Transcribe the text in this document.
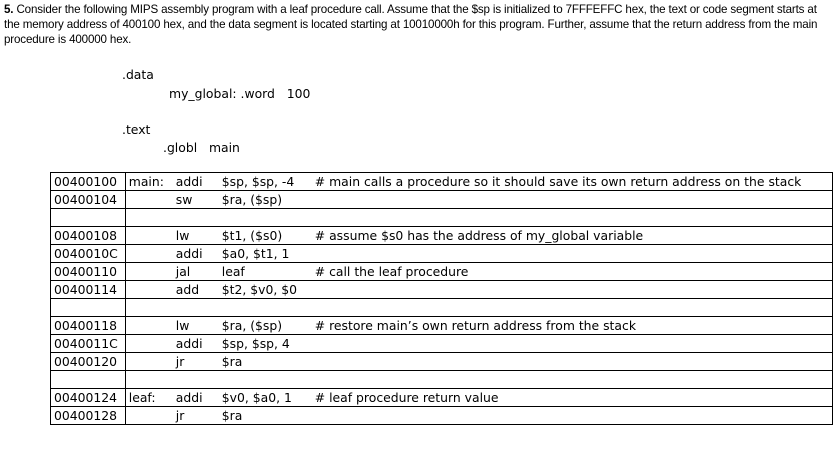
5. Consider the following MIPS assembly program with a leaf procedure call. Assume that the $sp is initialized to 7FFFEFFC hex, the text or code segment starts at the memory address of 400100 hex, and the data segment is located starting at 10010000h for this program. Further, assume that the return address from the main procedure is 400000 hex.
.data
my_global: .word   100
.text
.globl   main
00400100	main: addi $sp, $sp, -4 # main calls a procedure so it should save its own return address on the stack
00400104	sw $ra, ($sp)

00400108	lw $t1, ($s0) # assume $s0 has the address of my_global variable
0040010C	addi $a0, $t1, 1
00400110	jal leaf # call the leaf procedure
00400114	add $t2, $v0, $0

00400118	lw $ra, ($sp) # restore main’s own return address from the stack
0040011C	addi $sp, $sp, 4
00400120	jr $ra

00400124	leaf: addi $v0, $a0, 1 # leaf procedure return value
00400128	jr $ra
